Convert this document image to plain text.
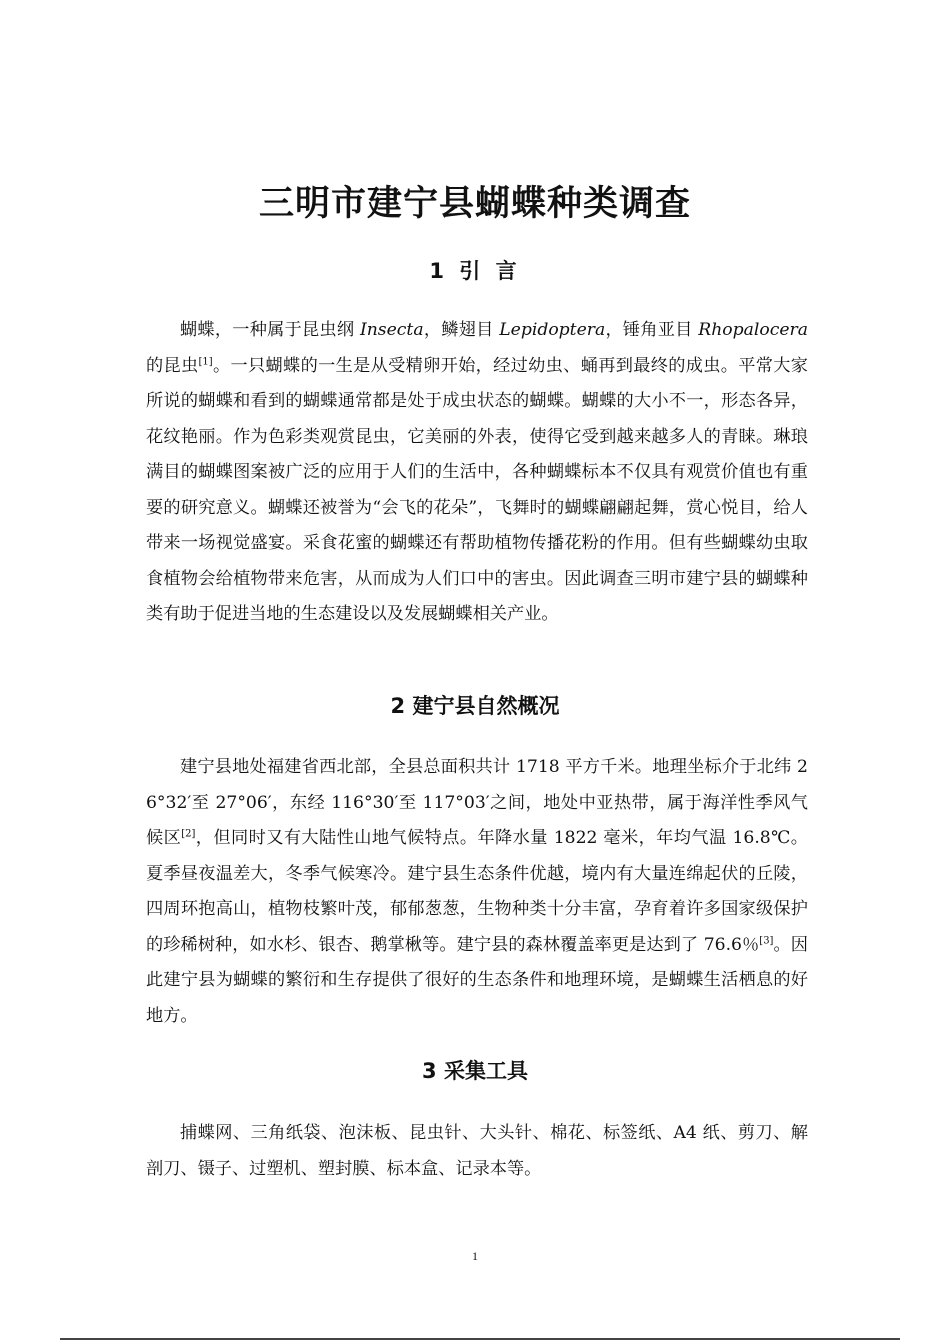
三明市建宁县蝴蝶种类调查
1 引 言

蝴蝶，一种属于昆虫纲 Insecta，鳞翅目 Lepidoptera，锤角亚目 Rhopalocera 的昆虫[1]。一只蝴蝶的一生是从受精卵开始，经过幼虫、蛹再到最终的成虫。平常大家所说的蝴蝶和看到的蝴蝶通常都是处于成虫状态的蝴蝶。蝴蝶的大小不一，形态各异，花纹艳丽。作为色彩类观赏昆虫，它美丽的外表，使得它受到越来越多人的青睐。琳琅满目的蝴蝶图案被广泛的应用于人们的生活中，各种蝴蝶标本不仅具有观赏价值也有重要的研究意义。蝴蝶还被誉为“会飞的花朵”，飞舞时的蝴蝶翩翩起舞，赏心悦目，给人带来一场视觉盛宴。采食花蜜的蝴蝶还有帮助植物传播花粉的作用。但有些蝴蝶幼虫取食植物会给植物带来危害，从而成为人们口中的害虫。因此调查三明市建宁县的蝴蝶种类有助于促进当地的生态建设以及发展蝴蝶相关产业。

2 建宁县自然概况

建宁县地处福建省西北部，全县总面积共计 1718 平方千米。地理坐标介于北纬 26°32′至 27°06′，东经 116°30′至 117°03′之间，地处中亚热带，属于海洋性季风气候区[2]，但同时又有大陆性山地气候特点。年降水量 1822 毫米，年均气温 16.8℃。夏季昼夜温差大，冬季气候寒冷。建宁县生态条件优越，境内有大量连绵起伏的丘陵，四周环抱高山，植物枝繁叶茂，郁郁葱葱，生物种类十分丰富，孕育着许多国家级保护的珍稀树种，如水杉、银杏、鹅掌楸等。建宁县的森林覆盖率更是达到了 76.6％[3]。因此建宁县为蝴蝶的繁衍和生存提供了很好的生态条件和地理环境，是蝴蝶生活栖息的好地方。

3 采集工具

捕蝶网、三角纸袋、泡沫板、昆虫针、大头针、棉花、标签纸、A4 纸、剪刀、解剖刀、镊子、过塑机、塑封膜、标本盒、记录本等。

1
